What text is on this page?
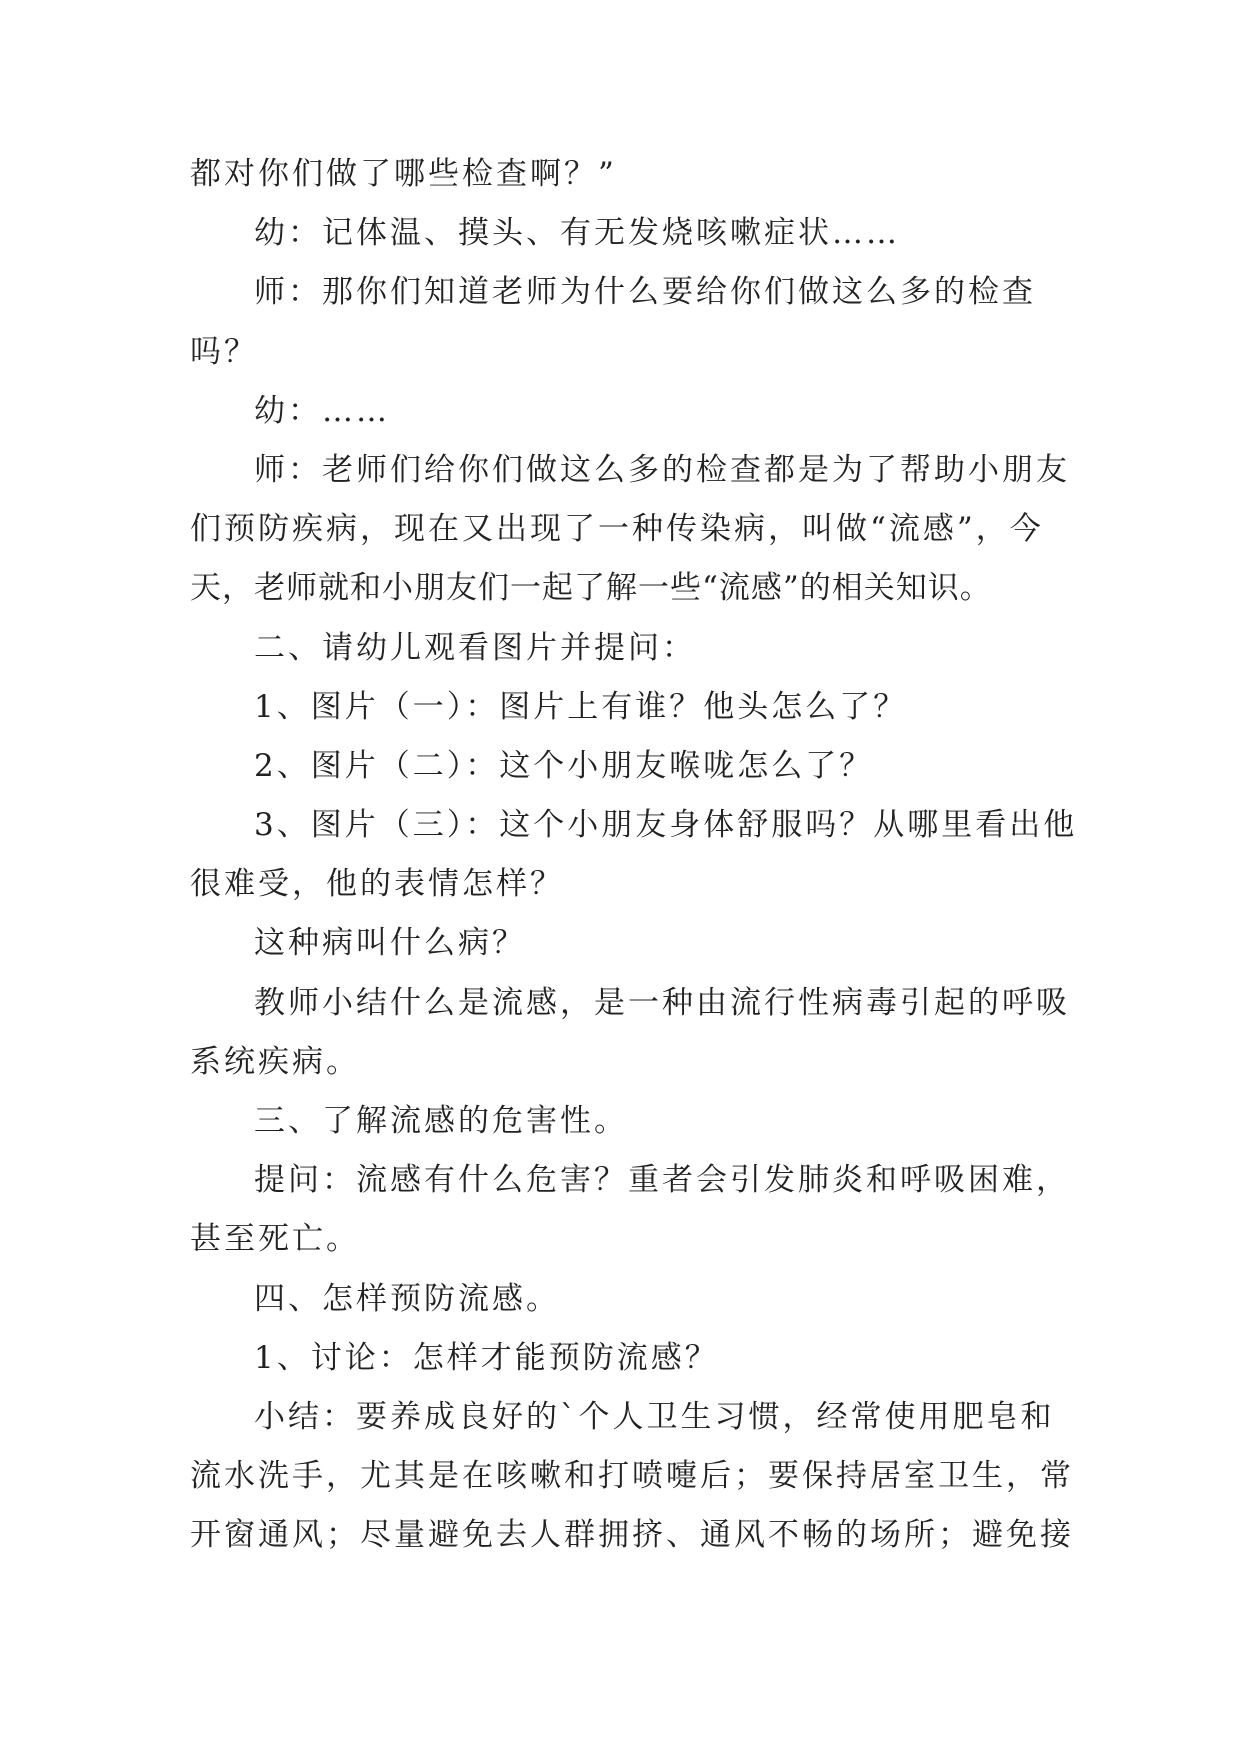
都对你们做了哪些检查啊？”
幼：记体温、摸头、有无发烧咳嗽症状……
师：那你们知道老师为什么要给你们做这么多的检查
吗？
幼：……
师：老师们给你们做这么多的检查都是为了帮助小朋友
们预防疾病，现在又出现了一种传染病，叫做“流感”，今
天，老师就和小朋友们一起了解一些“流感”的相关知识。
二、请幼儿观看图片并提问：
1、图片（一）：图片上有谁？他头怎么了？
2、图片（二）：这个小朋友喉咙怎么了？
3、图片（三）：这个小朋友身体舒服吗？从哪里看出他
很难受，他的表情怎样？
这种病叫什么病？
教师小结什么是流感，是一种由流行性病毒引起的呼吸
系统疾病。
三、了解流感的危害性。
提问：流感有什么危害？重者会引发肺炎和呼吸困难，
甚至死亡。
四、怎样预防流感。
1、讨论：怎样才能预防流感？
小结：要养成良好的`个人卫生习惯，经常使用肥皂和
流水洗手，尤其是在咳嗽和打喷嚏后；要保持居室卫生，常
开窗通风；尽量避免去人群拥挤、通风不畅的场所；避免接
